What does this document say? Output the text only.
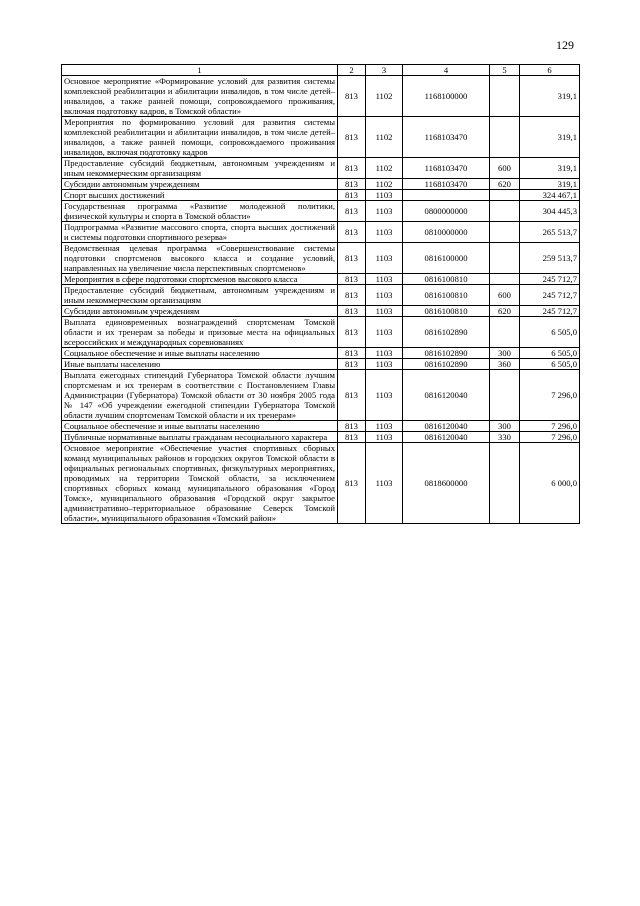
129
1	2	3	4	5	6
Основное мероприятие «Формирование условий для развития системы комплексной реабилитации и абилитации инвалидов, в том числе детей–инвалидов, а также ранней помощи, сопровождаемого проживания, включая подготовку кадров, в Томской области»	813	1102	1168100000		319,1
Мероприятия по формированию условий для развития системы комплексной реабилитации и абилитации инвалидов, в том числе детей–инвалидов, а также ранней помощи, сопровождаемого проживания инвалидов, включая подготовку кадров	813	1102	1168103470		319,1
Предоставление субсидий бюджетным, автономным учреждениям и иным некоммерческим организациям	813	1102	1168103470	600	319,1
Субсидии автономным учреждениям	813	1102	1168103470	620	319,1
Спорт высших достижений	813	1103			324 467,1
Государственная программа «Развитие молодежной политики, физической культуры и спорта в Томской области»	813	1103	0800000000		304 445,3
Подпрограмма «Развитие массового спорта, спорта высших достижений и системы подготовки спортивного резерва»	813	1103	0810000000		265 513,7
Ведомственная целевая программа «Совершенствование системы подготовки спортсменов высокого класса и создание условий, направленных на увеличение числа перспективных спортсменов»	813	1103	0816100000		259 513,7
Мероприятия в сфере подготовки спортсменов высокого класса	813	1103	0816100810		245 712,7
Предоставление субсидий бюджетным, автономным учреждениям и иным некоммерческим организациям	813	1103	0816100810	600	245 712,7
Субсидии автономным учреждениям	813	1103	0816100810	620	245 712,7
Выплата единовременных вознаграждений спортсменам Томской области и их тренерам за победы и призовые места на официальных всероссийских и международных соревнованиях	813	1103	0816102890		6 505,0
Социальное обеспечение и иные выплаты населению	813	1103	0816102890	300	6 505,0
Иные выплаты населению	813	1103	0816102890	360	6 505,0
Выплата ежегодных стипендий Губернатора Томской области лучшим спортсменам и их тренерам в соответствии с Постановлением Главы Администрации (Губернатора) Томской области от 30 ноября 2005 года № 147 «Об учреждении ежегодной стипендии Губернатора Томской области лучшим спортсменам Томской области и их тренерам»	813	1103	0816120040		7 296,0
Социальное обеспечение и иные выплаты населению	813	1103	0816120040	300	7 296,0
Публичные нормативные выплаты гражданам несоциального характера	813	1103	0816120040	330	7 296,0
Основное мероприятие «Обеспечение участия спортивных сборных команд муниципальных районов и городских округов Томской области в официальных региональных спортивных, физкультурных мероприятиях, проводимых на территории Томской области, за исключением спортивных сборных команд муниципального образования «Город Томск», муниципального образования «Городской округ закрытое административно–территориальное образование Северск Томской области», муниципального образования «Томский район»	813	1103	0818600000		6 000,0
